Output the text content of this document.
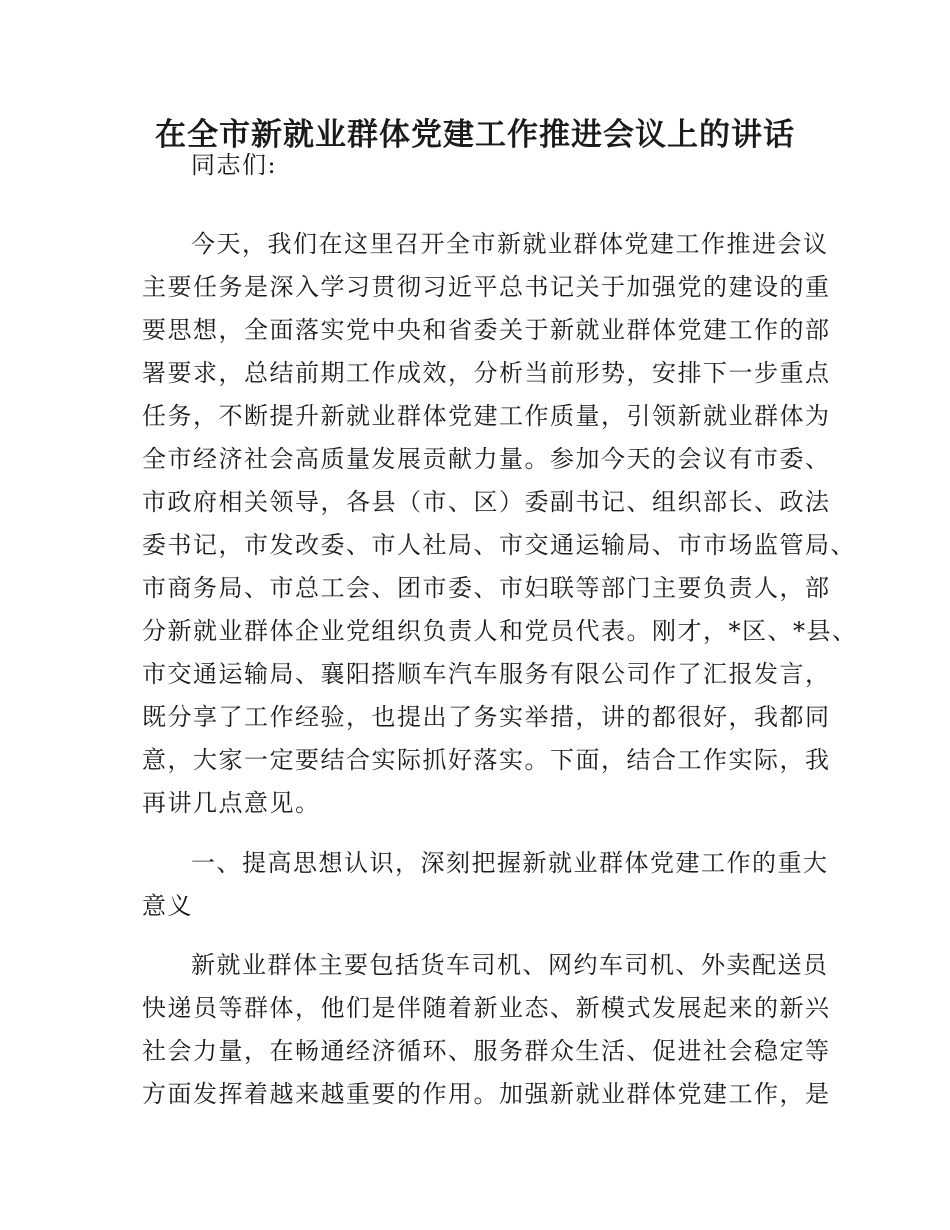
在全市新就业群体党建工作推进会议上的讲话
同志们:
今天，我们在这里召开全市新就业群体党建工作推进会议
主要任务是深入学习贯彻习近平总书记关于加强党的建设的重
要思想，全面落实党中央和省委关于新就业群体党建工作的部
署要求，总结前期工作成效，分析当前形势，安排下一步重点
任务，不断提升新就业群体党建工作质量，引领新就业群体为
全市经济社会高质量发展贡献力量。参加今天的会议有市委、
市政府相关领导，各县（市、区）委副书记、组织部长、政法
委书记，市发改委、市人社局、市交通运输局、市市场监管局、
市商务局、市总工会、团市委、市妇联等部门主要负责人，部
分新就业群体企业党组织负责人和党员代表。刚才，*区、*县、
市交通运输局、襄阳搭顺车汽车服务有限公司作了汇报发言，
既分享了工作经验，也提出了务实举措，讲的都很好，我都同
意，大家一定要结合实际抓好落实。下面，结合工作实际，我
再讲几点意见。
一、提高思想认识，深刻把握新就业群体党建工作的重大
意义
新就业群体主要包括货车司机、网约车司机、外卖配送员
快递员等群体，他们是伴随着新业态、新模式发展起来的新兴
社会力量，在畅通经济循环、服务群众生活、促进社会稳定等
方面发挥着越来越重要的作用。加强新就业群体党建工作，是
